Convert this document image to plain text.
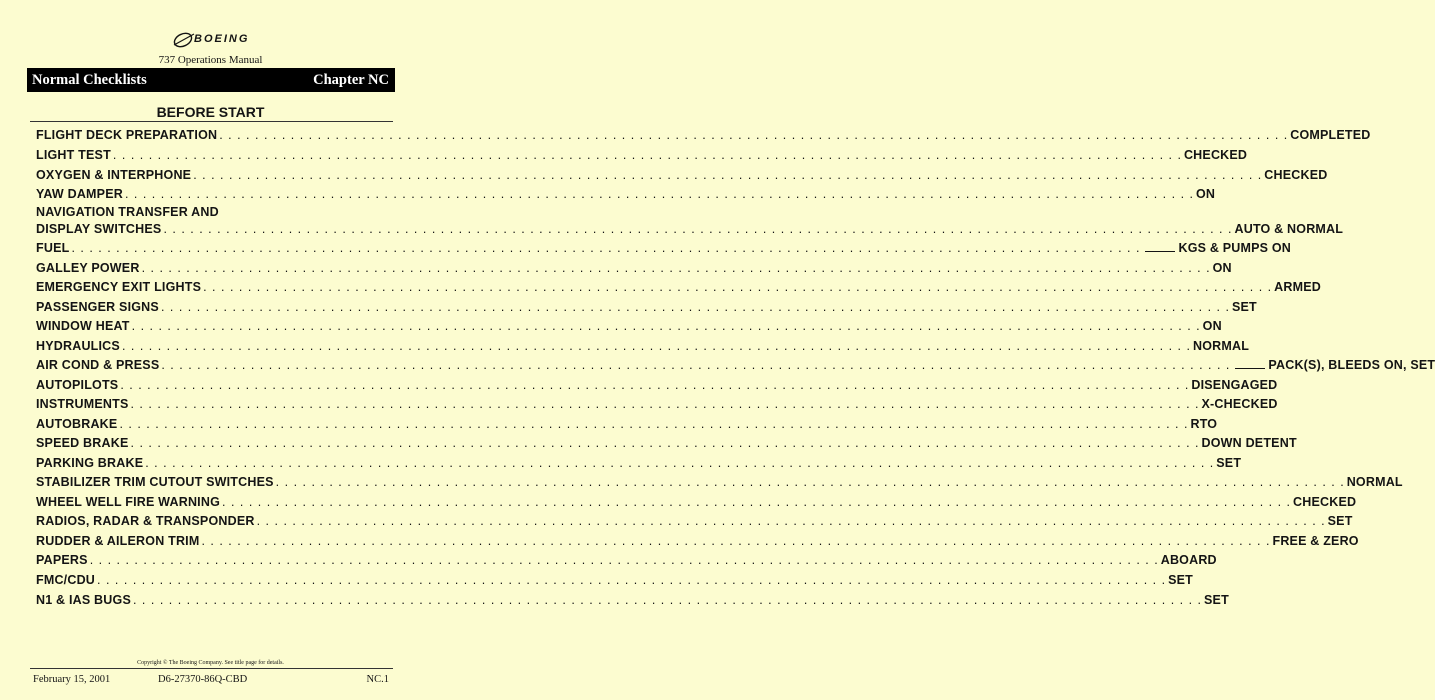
BOEING
737 Operations Manual
Normal Checklists	Chapter NC
BEFORE START
FLIGHT DECK PREPARATION . . . . . . . . . . . . . . . . . . . . . . . . . . . . . . . . . . . . . . . . . . . . . . . . . . . . . . . . . . . . . . . . . . . . . . . . . . . . . . . . . . . . . . . . . . . . . . . . . . . . . . . . . . . . . . . . . . . . . . . . COMPLETED
LIGHT TEST . . . . . . . . . . . . . . . . . . . . . . . . . . . . . . . . . . . . . . . . . . . . . . . . . . . . . . . . . . . . . . . . . . . . . . . . . . . . . . . . . . . . . . . . . . . . . . . . . . . . . . . . . . . . . . . . . . . . . . . . CHECKED
OXYGEN & INTERPHONE . . . . . . . . . . . . . . . . . . . . . . . . . . . . . . . . . . . . . . . . . . . . . . . . . . . . . . . . . . . . . . . . . . . . . . . . . . . . . . . . . . . . . . . . . . . . . . . . . . . . . . . . . . . . . . . . . . . . . . . . CHECKED
YAW DAMPER . . . . . . . . . . . . . . . . . . . . . . . . . . . . . . . . . . . . . . . . . . . . . . . . . . . . . . . . . . . . . . . . . . . . . . . . . . . . . . . . . . . . . . . . . . . . . . . . . . . . . . . . . . . . . . . . . . . . . . . . ON
NAVIGATION TRANSFER AND
DISPLAY SWITCHES . . . . . . . . . . . . . . . . . . . . . . . . . . . . . . . . . . . . . . . . . . . . . . . . . . . . . . . . . . . . . . . . . . . . . . . . . . . . . . . . . . . . . . . . . . . . . . . . . . . . . . . . . . . . . . . . . . . . . . . . AUTO & NORMAL
FUEL . . . . . . . . . . . . . . . . . . . . . . . . . . . . . . . . . . . . . . . . . . . . . . . . . . . . . . . . . . . . . . . . . . . . . . . . . . . . . . . . . . . . . . . . . . . . . . . . . . . . . . . . . . . . . . . . . . . . . . . .	KGS & PUMPS ON
GALLEY POWER . . . . . . . . . . . . . . . . . . . . . . . . . . . . . . . . . . . . . . . . . . . . . . . . . . . . . . . . . . . . . . . . . . . . . . . . . . . . . . . . . . . . . . . . . . . . . . . . . . . . . . . . . . . . . . . . . . . . . . . . ON
EMERGENCY EXIT LIGHTS . . . . . . . . . . . . . . . . . . . . . . . . . . . . . . . . . . . . . . . . . . . . . . . . . . . . . . . . . . . . . . . . . . . . . . . . . . . . . . . . . . . . . . . . . . . . . . . . . . . . . . . . . . . . . . . . . . . . . . . . ARMED
PASSENGER SIGNS . . . . . . . . . . . . . . . . . . . . . . . . . . . . . . . . . . . . . . . . . . . . . . . . . . . . . . . . . . . . . . . . . . . . . . . . . . . . . . . . . . . . . . . . . . . . . . . . . . . . . . . . . . . . . . . . . . . . . . . . SET
WINDOW HEAT . . . . . . . . . . . . . . . . . . . . . . . . . . . . . . . . . . . . . . . . . . . . . . . . . . . . . . . . . . . . . . . . . . . . . . . . . . . . . . . . . . . . . . . . . . . . . . . . . . . . . . . . . . . . . . . . . . . . . . . . ON
HYDRAULICS . . . . . . . . . . . . . . . . . . . . . . . . . . . . . . . . . . . . . . . . . . . . . . . . . . . . . . . . . . . . . . . . . . . . . . . . . . . . . . . . . . . . . . . . . . . . . . . . . . . . . . . . . . . . . . . . . . . . . . . . NORMAL
AIR COND & PRESS . . . . . . . . . . . . . . . . . . . . . . . . . . . . . . . . . . . . . . . . . . . . . . . . . . . . . . . . . . . . . . . . . . . . . . . . . . . . . . . . . . . . . . . . . . . . . . . . . . . . . . . . . . . . . . . . . . . . . . . .	PACK(S), BLEEDS ON, SET
AUTOPILOTS . . . . . . . . . . . . . . . . . . . . . . . . . . . . . . . . . . . . . . . . . . . . . . . . . . . . . . . . . . . . . . . . . . . . . . . . . . . . . . . . . . . . . . . . . . . . . . . . . . . . . . . . . . . . . . . . . . . . . . . . DISENGAGED
INSTRUMENTS . . . . . . . . . . . . . . . . . . . . . . . . . . . . . . . . . . . . . . . . . . . . . . . . . . . . . . . . . . . . . . . . . . . . . . . . . . . . . . . . . . . . . . . . . . . . . . . . . . . . . . . . . . . . . . . . . . . . . . . . X-CHECKED
AUTOBRAKE . . . . . . . . . . . . . . . . . . . . . . . . . . . . . . . . . . . . . . . . . . . . . . . . . . . . . . . . . . . . . . . . . . . . . . . . . . . . . . . . . . . . . . . . . . . . . . . . . . . . . . . . . . . . . . . . . . . . . . . . RTO
SPEED BRAKE . . . . . . . . . . . . . . . . . . . . . . . . . . . . . . . . . . . . . . . . . . . . . . . . . . . . . . . . . . . . . . . . . . . . . . . . . . . . . . . . . . . . . . . . . . . . . . . . . . . . . . . . . . . . . . . . . . . . . . . . DOWN DETENT
PARKING BRAKE . . . . . . . . . . . . . . . . . . . . . . . . . . . . . . . . . . . . . . . . . . . . . . . . . . . . . . . . . . . . . . . . . . . . . . . . . . . . . . . . . . . . . . . . . . . . . . . . . . . . . . . . . . . . . . . . . . . . . . . . SET
STABILIZER TRIM CUTOUT SWITCHES . . . . . . . . . . . . . . . . . . . . . . . . . . . . . . . . . . . . . . . . . . . . . . . . . . . . . . . . . . . . . . . . . . . . . . . . . . . . . . . . . . . . . . . . . . . . . . . . . . . . . . . . . . . . . . . . . . . . . . . . NORMAL
WHEEL WELL FIRE WARNING . . . . . . . . . . . . . . . . . . . . . . . . . . . . . . . . . . . . . . . . . . . . . . . . . . . . . . . . . . . . . . . . . . . . . . . . . . . . . . . . . . . . . . . . . . . . . . . . . . . . . . . . . . . . . . . . . . . . . . . . CHECKED
RADIOS, RADAR & TRANSPONDER . . . . . . . . . . . . . . . . . . . . . . . . . . . . . . . . . . . . . . . . . . . . . . . . . . . . . . . . . . . . . . . . . . . . . . . . . . . . . . . . . . . . . . . . . . . . . . . . . . . . . . . . . . . . . . . . . . . . . . . . SET
RUDDER & AILERON TRIM . . . . . . . . . . . . . . . . . . . . . . . . . . . . . . . . . . . . . . . . . . . . . . . . . . . . . . . . . . . . . . . . . . . . . . . . . . . . . . . . . . . . . . . . . . . . . . . . . . . . . . . . . . . . . . . . . . . . . . . . FREE & ZERO
PAPERS . . . . . . . . . . . . . . . . . . . . . . . . . . . . . . . . . . . . . . . . . . . . . . . . . . . . . . . . . . . . . . . . . . . . . . . . . . . . . . . . . . . . . . . . . . . . . . . . . . . . . . . . . . . . . . . . . . . . . . . . ABOARD
FMC/CDU . . . . . . . . . . . . . . . . . . . . . . . . . . . . . . . . . . . . . . . . . . . . . . . . . . . . . . . . . . . . . . . . . . . . . . . . . . . . . . . . . . . . . . . . . . . . . . . . . . . . . . . . . . . . . . . . . . . . . . . . SET
N1 & IAS BUGS . . . . . . . . . . . . . . . . . . . . . . . . . . . . . . . . . . . . . . . . . . . . . . . . . . . . . . . . . . . . . . . . . . . . . . . . . . . . . . . . . . . . . . . . . . . . . . . . . . . . . . . . . . . . . . . . . . . . . . . . SET
Copyright © The Boeing Company. See title page for details.
February 15, 2001	D6-27370-86Q-CBD	NC.1
